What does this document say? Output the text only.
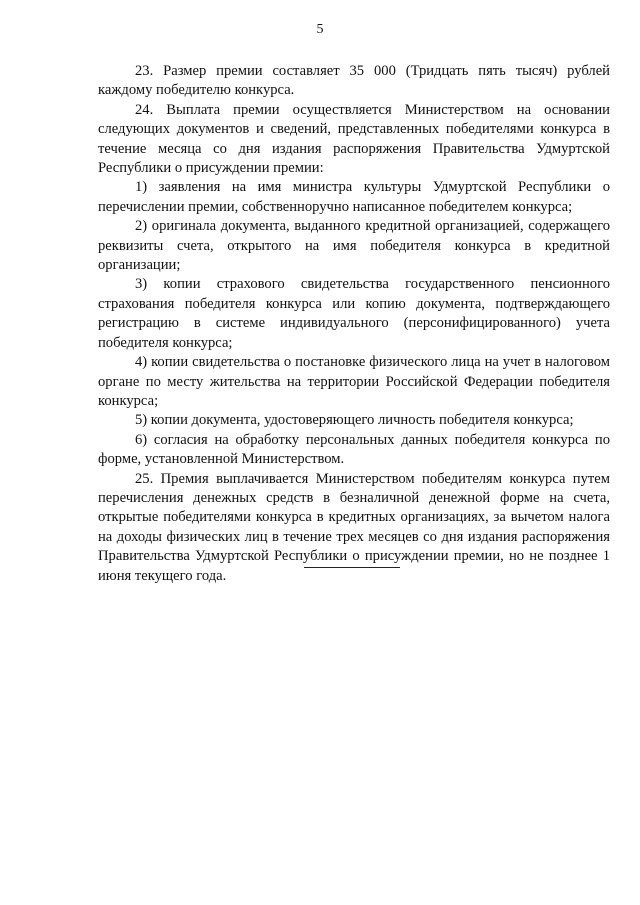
5

23. Размер премии составляет 35 000 (Тридцать пять тысяч) рублей каждому победителю конкурса.

24. Выплата премии осуществляется Министерством на основании следующих документов и сведений, представленных победителями конкурса в течение месяца со дня издания распоряжения Правительства Удмуртской Республики о присуждении премии:

1) заявления на имя министра культуры Удмуртской Республики о перечислении премии, собственноручно написанное победителем конкурса;

2) оригинала документа, выданного кредитной организацией, содержащего реквизиты счета, открытого на имя победителя конкурса в кредитной организации;

3) копии страхового свидетельства государственного пенсионного страхования победителя конкурса или копию документа, подтверждающего регистрацию в системе индивидуального (персонифицированного) учета победителя конкурса;

4) копии свидетельства о постановке физического лица на учет в налоговом органе по месту жительства на территории Российской Федерации победителя конкурса;

5) копии документа, удостоверяющего личность победителя конкурса;

6) согласия на обработку персональных данных победителя конкурса по форме, установленной Министерством.

25. Премия выплачивается Министерством победителям конкурса путем перечисления денежных средств в безналичной денежной форме на счета, открытые победителями конкурса в кредитных организациях, за вычетом налога на доходы физических лиц в течение трех месяцев со дня издания распоряжения Правительства Удмуртской Республики о присуждении премии, но не позднее 1 июня текущего года.
